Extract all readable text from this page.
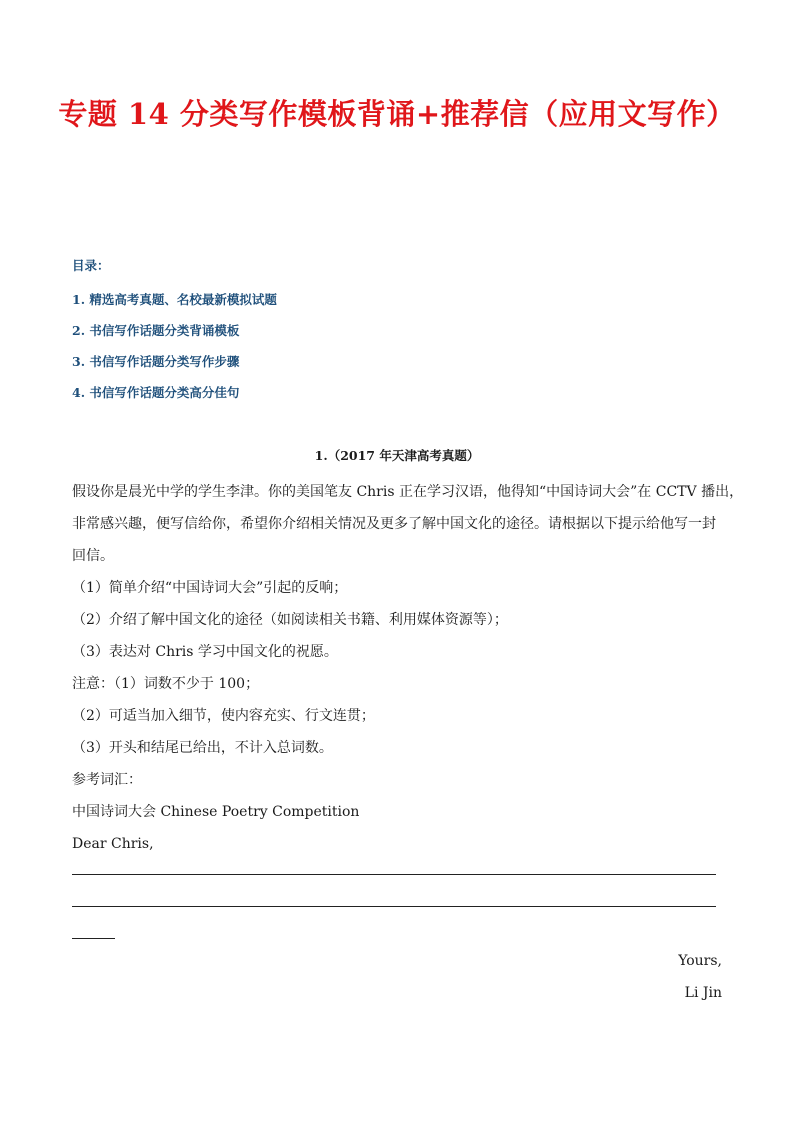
专题 14 分类写作模板背诵+推荐信（应用文写作）
目录：
1. 精选高考真题、名校最新模拟试题
2. 书信写作话题分类背诵模板
3. 书信写作话题分类写作步骤
4. 书信写作话题分类高分佳句
1.（2017 年天津高考真题）

假设你是晨光中学的学生李津。你的美国笔友 Chris 正在学习汉语，他得知“中国诗词大会”在 CCTV 播出，

非常感兴趣，便写信给你，希望你介绍相关情况及更多了解中国文化的途径。请根据以下提示给他写一封

回信。

（1）简单介绍“中国诗词大会”引起的反响；

（2）介绍了解中国文化的途径（如阅读相关书籍、利用媒体资源等）；

（3）表达对 Chris 学习中国文化的祝愿。

注意：（1）词数不少于 100；

（2）可适当加入细节，使内容充实、行文连贯；

（3）开头和结尾已给出，不计入总词数。

参考词汇：

中国诗词大会 Chinese Poetry Competition

Dear Chris,

Yours,
Li Jin
